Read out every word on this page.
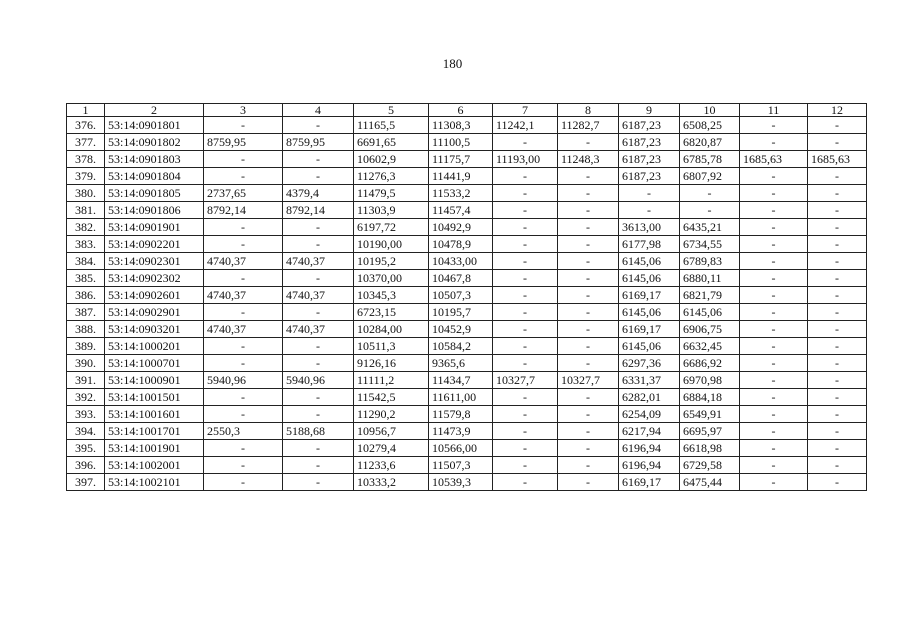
180
1	2	3	4	5	6	7	8	9	10	11	12
376.	53:14:0901801	-	-	11165,5	11308,3	11242,1	11282,7	6187,23	6508,25	-	-
377.	53:14:0901802	8759,95	8759,95	6691,65	11100,5	-	-	6187,23	6820,87	-	-
378.	53:14:0901803	-	-	10602,9	11175,7	11193,00	11248,3	6187,23	6785,78	1685,63	1685,63
379.	53:14:0901804	-	-	11276,3	11441,9	-	-	6187,23	6807,92	-	-
380.	53:14:0901805	2737,65	4379,4	11479,5	11533,2	-	-	-	-	-	-
381.	53:14:0901806	8792,14	8792,14	11303,9	11457,4	-	-	-	-	-	-
382.	53:14:0901901	-	-	6197,72	10492,9	-	-	3613,00	6435,21	-	-
383.	53:14:0902201	-	-	10190,00	10478,9	-	-	6177,98	6734,55	-	-
384.	53:14:0902301	4740,37	4740,37	10195,2	10433,00	-	-	6145,06	6789,83	-	-
385.	53:14:0902302	-	-	10370,00	10467,8	-	-	6145,06	6880,11	-	-
386.	53:14:0902601	4740,37	4740,37	10345,3	10507,3	-	-	6169,17	6821,79	-	-
387.	53:14:0902901	-	-	6723,15	10195,7	-	-	6145,06	6145,06	-	-
388.	53:14:0903201	4740,37	4740,37	10284,00	10452,9	-	-	6169,17	6906,75	-	-
389.	53:14:1000201	-	-	10511,3	10584,2	-	-	6145,06	6632,45	-	-
390.	53:14:1000701	-	-	9126,16	9365,6	-	-	6297,36	6686,92	-	-
391.	53:14:1000901	5940,96	5940,96	11111,2	11434,7	10327,7	10327,7	6331,37	6970,98	-	-
392.	53:14:1001501	-	-	11542,5	11611,00	-	-	6282,01	6884,18	-	-
393.	53:14:1001601	-	-	11290,2	11579,8	-	-	6254,09	6549,91	-	-
394.	53:14:1001701	2550,3	5188,68	10956,7	11473,9	-	-	6217,94	6695,97	-	-
395.	53:14:1001901	-	-	10279,4	10566,00	-	-	6196,94	6618,98	-	-
396.	53:14:1002001	-	-	11233,6	11507,3	-	-	6196,94	6729,58	-	-
397.	53:14:1002101	-	-	10333,2	10539,3	-	-	6169,17	6475,44	-	-
